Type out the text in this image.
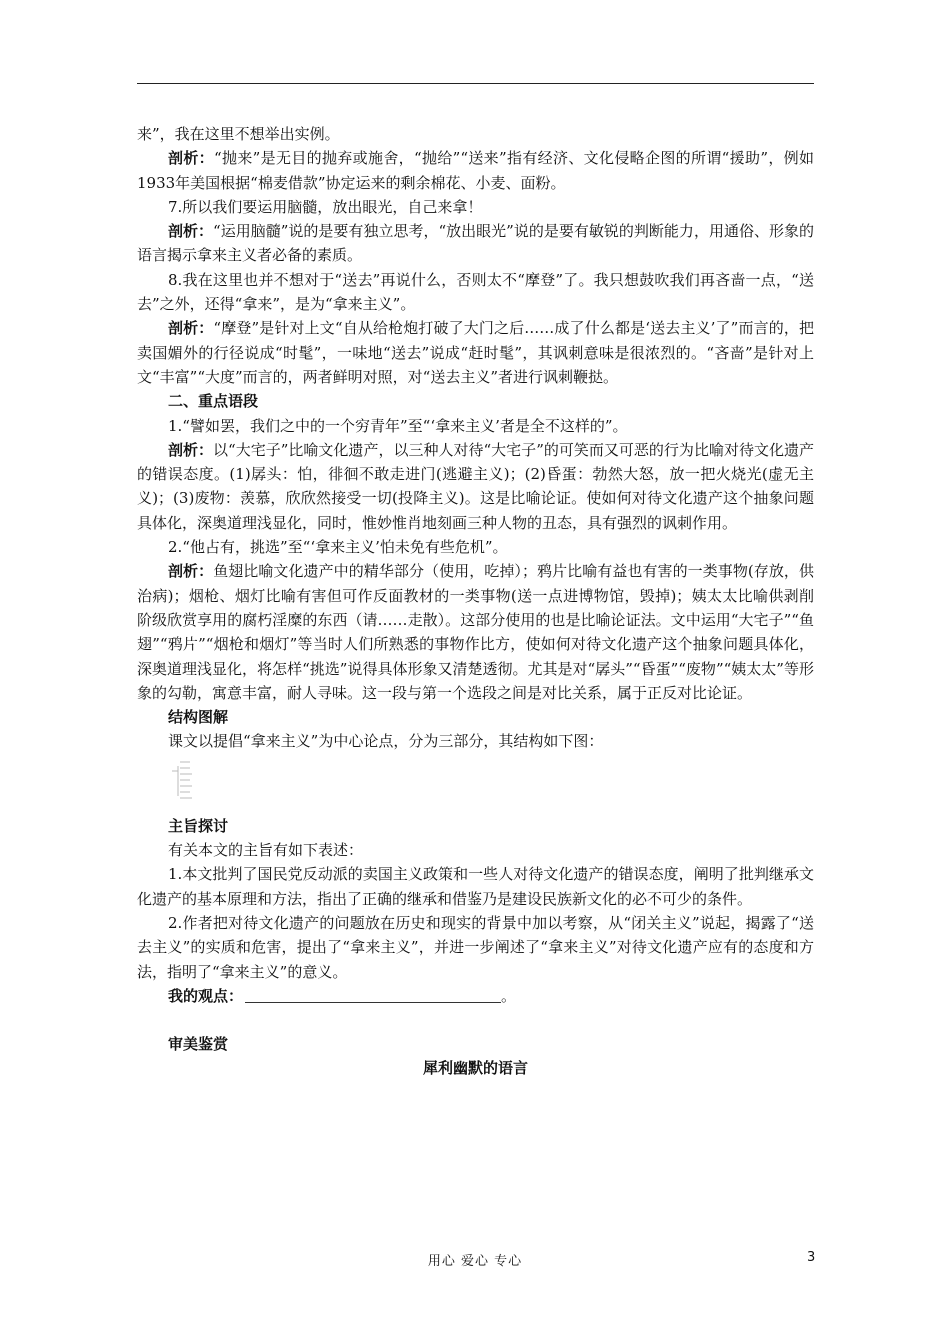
来”，我在这里不想举出实例。

剖析：“抛来”是无目的抛弃或施舍，“抛给”“送来”指有经济、文化侵略企图的所谓“援助”，例如1933年美国根据“棉麦借款”协定运来的剩余棉花、小麦、面粉。

7.所以我们要运用脑髓，放出眼光，自己来拿！

剖析：“运用脑髓”说的是要有独立思考，“放出眼光”说的是要有敏锐的判断能力，用通俗、形象的语言揭示拿来主义者必备的素质。

8.我在这里也并不想对于“送去”再说什么，否则太不“摩登”了。我只想鼓吹我们再吝啬一点，“送去”之外，还得“拿来”，是为“拿来主义”。

剖析：“摩登”是针对上文“自从给枪炮打破了大门之后……成了什么都是‘送去主义’了”而言的，把卖国媚外的行径说成“时髦”，一味地“送去”说成“赶时髦”，其讽刺意味是很浓烈的。“吝啬”是针对上文“丰富”“大度”而言的，两者鲜明对照，对“送去主义”者进行讽刺鞭挞。

二、重点语段

1.“譬如罢，我们之中的一个穷青年”至“‘拿来主义’者是全不这样的”。

剖析：以“大宅子”比喻文化遗产，以三种人对待“大宅子”的可笑而又可恶的行为比喻对待文化遗产的错误态度。(1)孱头：怕，徘徊不敢走进门(逃避主义)；(2)昏蛋：勃然大怒，放一把火烧光(虚无主义)；(3)废物：羡慕，欣欣然接受一切(投降主义)。这是比喻论证。使如何对待文化遗产这个抽象问题具体化，深奥道理浅显化，同时，惟妙惟肖地刻画三种人物的丑态，具有强烈的讽刺作用。

2.“他占有，挑选”至“‘拿来主义’怕未免有些危机”。

剖析：鱼翅比喻文化遗产中的精华部分（使用，吃掉）；鸦片比喻有益也有害的一类事物(存放，供治病)；烟枪、烟灯比喻有害但可作反面教材的一类事物(送一点进博物馆，毁掉)；姨太太比喻供剥削阶级欣赏享用的腐朽淫糜的东西（请……走散）。这部分使用的也是比喻论证法。文中运用“大宅子”“鱼翅”“鸦片”“烟枪和烟灯”等当时人们所熟悉的事物作比方，使如何对待文化遗产这个抽象问题具体化，深奥道理浅显化，将怎样“挑选”说得具体形象又清楚透彻。尤其是对“孱头”“昏蛋”“废物”“姨太太”等形象的勾勒，寓意丰富，耐人寻味。这一段与第一个选段之间是对比关系，属于正反对比论证。

结构图解

课文以提倡“拿来主义”为中心论点，分为三部分，其结构如下图：

主旨探讨

有关本文的主旨有如下表述：

1.本文批判了国民党反动派的卖国主义政策和一些人对待文化遗产的错误态度，阐明了批判继承文化遗产的基本原理和方法，指出了正确的继承和借鉴乃是建设民族新文化的必不可少的条件。

2.作者把对待文化遗产的问题放在历史和现实的背景中加以考察，从“闭关主义”说起，揭露了“送去主义”的实质和危害，提出了“拿来主义”，并进一步阐述了“拿来主义”对待文化遗产应有的态度和方法，指明了“拿来主义”的意义。

我的观点：	。

审美鉴赏

犀利幽默的语言

用心 爱心 专心	3
